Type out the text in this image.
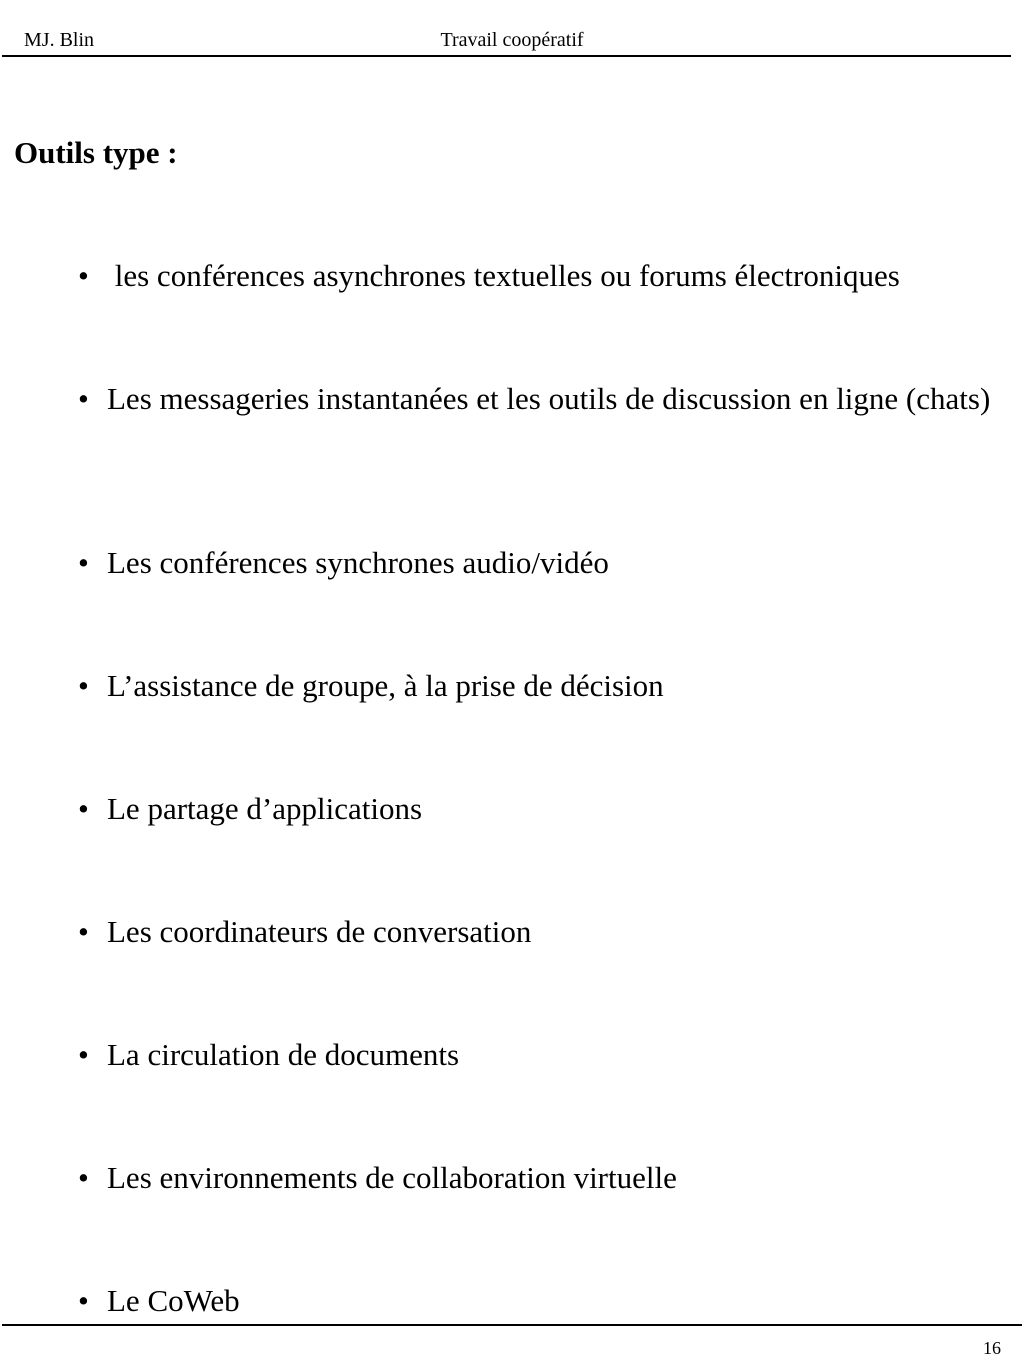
MJ. Blin	Travail coopératif
Outils type :
• les conférences asynchrones textuelles ou forums électroniques
• Les messageries instantanées et les outils de discussion en ligne (chats)
• Les conférences synchrones audio/vidéo
• L’assistance de groupe, à la prise de décision
• Le partage d’applications
• Les coordinateurs de conversation
• La circulation de documents
• Les environnements de collaboration virtuelle
• Le CoWeb
16
